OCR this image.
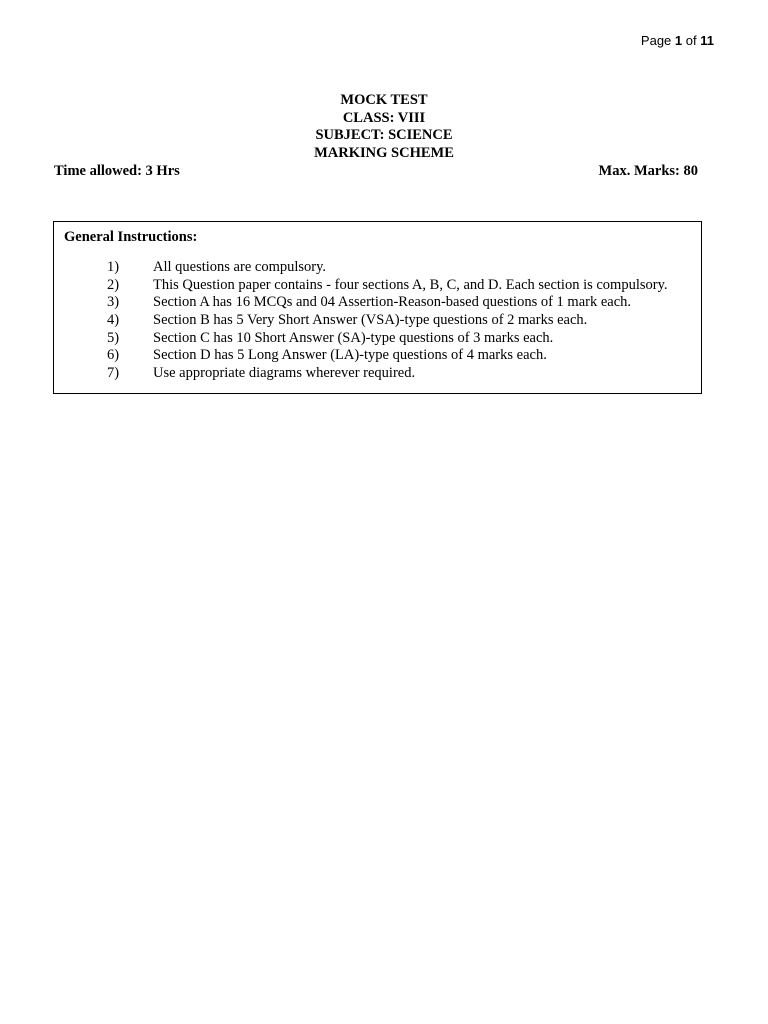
Page 1 of 11
MOCK TEST
CLASS: VIII
SUBJECT: SCIENCE
MARKING SCHEME
Time allowed: 3 Hrs	Max. Marks: 80
General Instructions:
1)	All questions are compulsory.
2)	This Question paper contains - four sections A, B, C, and D. Each section is compulsory.
3)	Section A has 16 MCQs and 04 Assertion-Reason-based questions of 1 mark each.
4)	Section B has 5 Very Short Answer (VSA)-type questions of 2 marks each.
5)	Section C has 10 Short Answer (SA)-type questions of 3 marks each.
6)	Section D has 5 Long Answer (LA)-type questions of 4 marks each.
7)	Use appropriate diagrams wherever required.
